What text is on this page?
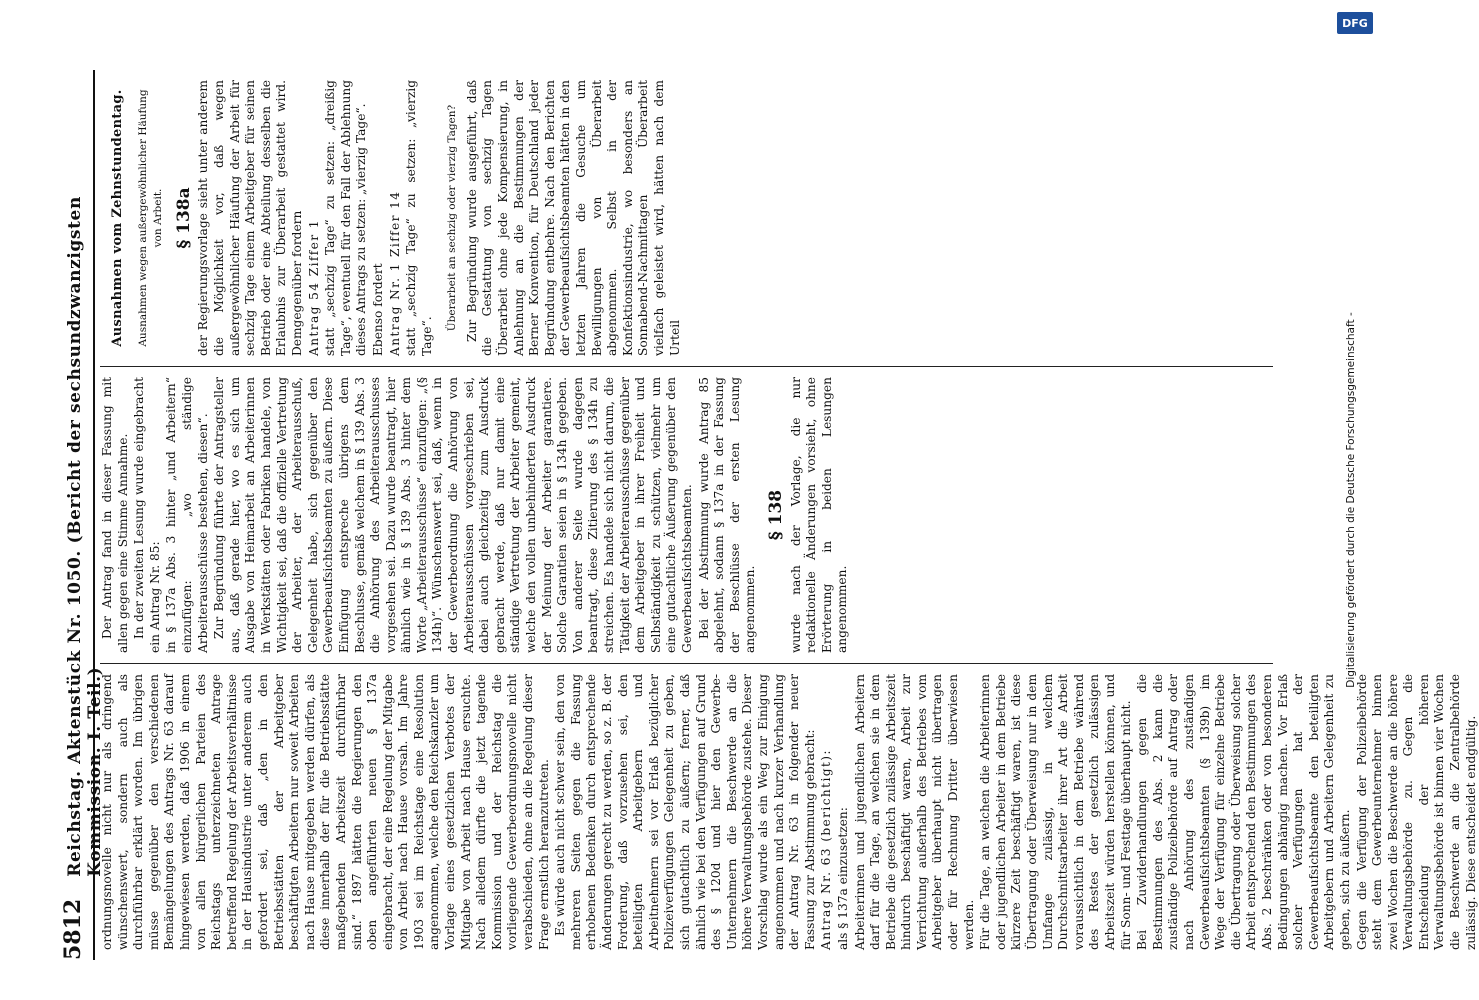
5812
Reichstag. Aktenstück Nr. 1050. (Bericht der sechsundzwanzigsten Kommission. I. Teil.)

ordnungsnovelle nicht nur als dringend wünschenswert, sondern auch als durchführbar erklärt worden. Im übrigen müsse gegenüber den verschiedenen Bemängelungen des Antrags Nr. 63 darauf hingewiesen werden, daß 1906 in einem von allen bürgerlichen Parteien des Reichstags unterzeichneten Antrage betreffend Regelung der Arbeitsverhältnisse in der Hausindustrie unter anderem auch gefordert sei, daß „den in den Betriebsstätten der Arbeitgeber beschäftigten Arbeitern nur soweit Arbeiten nach Hause mitgegeben werden dürfen, als diese innerhalb der für die Betriebsstätte maßgebenden Arbeitszeit durchführbar sind.“ 1897 hätten die Regierungen den oben angeführten neuen § 137a eingebracht, der eine Regelung der Mitgabe von Arbeit nach Hause vorsah. Im Jahre 1903 sei im Reichstage eine Resolution angenommen, welche den Reichskanzler um Vorlage eines gesetzlichen Verbotes der Mitgabe von Arbeit nach Hause ersuchte. Nach alledem dürfte die jetzt tagende Kommission und der Reichstag die vorliegende Gewerbeordnungsnovelle nicht verabschieden, ohne an die Regelung dieser Frage ernstlich heranzutreten. Es würde auch nicht schwer sein, den von mehreren Seiten gegen die Fassung erhobenen Bedenken durch entsprechende Änderungen gerecht zu werden, so z. B. der Forderung, daß vorzusehen sei, den beteiligten Arbeitgebern und Arbeitnehmern sei vor Erlaß bezüglicher Polizeiverfügungen Gelegenheit zu geben, sich gutachtlich zu äußern; ferner, daß ähnlich wie bei den Verfügungen auf Grund des § 120d und hier den Gewerbe-Unternehmern die Beschwerde an die höhere Verwaltungsbehörde zustehe. Dieser Vorschlag wurde als ein Weg zur Einigung angenommen und nach kurzer Verhandlung der Antrag Nr. 63 in folgender neuer Fassung zur Abstimmung gebracht: Antrag Nr. 63 (berichtigt): als § 137a einzusetzen: Arbeiterinnen und jugendlichen Arbeitern darf für die Tage, an welchen sie in dem Betriebe die gesetzlich zulässige Arbeitszeit hindurch beschäftigt waren, Arbeit zur Verrichtung außerhalb des Betriebes vom Arbeitgeber überhaupt nicht übertragen oder für Rechnung Dritter überwiesen werden. Für die Tage, an welchen die Arbeiterinnen oder jugendlichen Arbeiter in dem Betriebe kürzere Zeit beschäftigt waren, ist diese Übertragung oder Überweisung nur in dem Umfange zulässig, in welchem Durchschnittsarbeiter ihrer Art die Arbeit voraussichtlich in dem Betriebe während des Restes der gesetzlich zulässigen Arbeitszeit würden herstellen können, und für Sonn- und Festtage überhaupt nicht. Bei Zuwiderhandlungen gegen die Bestimmungen des Abs. 2 kann die zuständige Polizeibehörde auf Antrag oder nach Anhörung des zuständigen Gewerbeaufsichtsbeamten (§ 139b) im Wege der Verfügung für einzelne Betriebe die Übertragung oder Überweisung solcher Arbeit entsprechend den Bestimmungen des Abs. 2 beschränken oder von besonderen Bedingungen abhängig machen. Vor Erlaß solcher Verfügungen hat der Gewerbeaufsichtsbeamte den beteiligten Arbeitgebern und Arbeitern Gelegenheit zu geben, sich zu äußern. Gegen die Verfügung der Polizeibehörde steht dem Gewerbeunternehmer binnen zwei Wochen die Beschwerde an die höhere Verwaltungsbehörde zu. Gegen die Entscheidung der höheren Verwaltungsbehörde ist binnen vier Wochen die Beschwerde an die Zentralbehörde zulässig. Diese entscheidet endgültig.

Der Antrag fand in dieser Fassung mit allen gegen eine Stimme Annahme. In der zweiten Lesung wurde eingebracht ein Antrag Nr. 85: in § 137a Abs. 3 hinter „und Arbeitern“ einzufügen: „wo ständige Arbeiterausschüsse bestehen, diesen“. Zur Begründung führte der Antragsteller aus, daß gerade hier, wo es sich um Ausgabe von Heimarbeit an Arbeiterinnen in Werkstätten oder Fabriken handele, von Wichtigkeit sei, daß die offizielle Vertretung der Arbeiter, der Arbeiterausschuß, Gelegenheit habe, sich gegenüber den Gewerbeaufsichtsbeamten zu äußern. Diese Einfügung entspreche übrigens dem Beschlusse, gemäß welchem in § 139 Abs. 3 die Anhörung des Arbeiterausschusses vorgesehen sei. Dazu wurde beantragt, hier ähnlich wie in § 139 Abs. 3 hinter dem Worte „Arbeiterausschüsse“ einzufügen: „(§ 134h)“. Wünschenswert sei, daß, wenn in der Gewerbeordnung die Anhörung von Arbeiterausschüssen vorgeschrieben sei, dabei auch gleichzeitig zum Ausdruck gebracht werde, daß nur damit eine ständige Vertretung der Arbeiter gemeint, welche den vollen unbehinderten Ausdruck der Meinung der Arbeiter garantiere. Solche Garantien seien in § 134h gegeben. Von anderer Seite wurde dagegen beantragt, diese Zitierung des § 134h zu streichen. Es handele sich nicht darum, die Tätigkeit der Arbeiterausschüsse gegenüber dem Arbeitgeber in ihrer Freiheit und Selbständigkeit zu schützen, vielmehr um eine gutachtliche Äußerung gegenüber den Gewerbeaufsichtsbeamten. Bei der Abstimmung wurde Antrag 85 abgelehnt, sodann § 137a in der Fassung der Beschlüsse der ersten Lesung angenommen.

§ 138 wurde nach der Vorlage, die nur redaktionelle Änderungen vorsieht, ohne Erörterung in beiden Lesungen angenommen.

Ausnahmen vom Zehnstundentag. Ausnahmen wegen außergewöhnlicher Häufung von Arbeit. § 138a der Regierungsvorlage sieht unter anderem die Möglichkeit vor, daß wegen außergewöhnlicher Häufung der Arbeit für sechzig Tage einem Arbeitgeber für seinen Betrieb oder eine Abteilung desselben die Erlaubnis zur Überarbeit gestattet wird. Demgegenüber fordern Antrag 54 Ziffer 1 statt „sechzig Tage“ zu setzen: „dreißig Tage“, eventuell für den Fall der Ablehnung dieses Antrags zu setzen: „vierzig Tage“. Ebenso fordert Antrag Nr. 1 Ziffer 14 statt „sechzig Tage“ zu setzen: „vierzig Tage“.

Überarbeit an sechzig oder vierzig Tagen? Zur Begründung wurde ausgeführt, daß die Gestattung von sechzig Tagen Überarbeit ohne jede Kompensierung, in Anlehnung an die Bestimmungen der Berner Konvention, für Deutschland jeder Begründung entbehre. Nach den Berichten der Gewerbeaufsichtsbeamten hätten in den letzten Jahren die Gesuche um Bewilligungen von Überarbeit abgenommen. Selbst in der Konfektionsindustrie, wo besonders an Sonnabend-Nachmittagen Überarbeit vielfach geleistet wird, hätten nach dem Urteil	Digitalisierung gefördert durch die Deutsche Forschungsgemeinschaft -
DFG
